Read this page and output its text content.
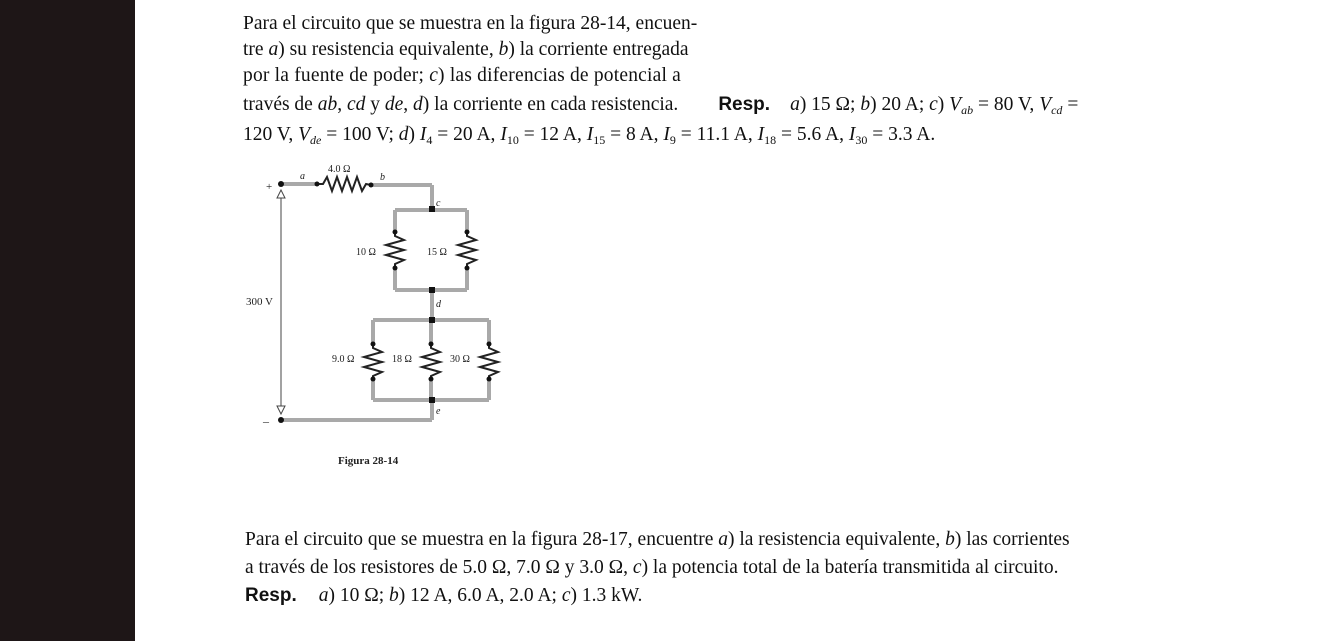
Para el circuito que se muestra en la figura 28-14, encuen-
tre a) su resistencia equivalente, b) la corriente entregada
por la fuente de poder; c) las diferencias de potencial a
través de ab, cd y de, d) la corriente en cada resistencia. Resp. a) 15 Ω; b) 20 A; c) $V_{ab} = 80$ V, $V_{cd}$ =
120 V, $V_{de} = 100$ V; d) $I_4 = 20$ A, $I_{10} = 12$ A, $I_{15} = 8$ A, $I_9 = 11.1$ A, $I_{18} = 5.6$ A, $I_{30} = 3.3$ A.
+
–
a	b
c
d
e
4.0 Ω
10 Ω	15 Ω
9.0 Ω	18 Ω	30 Ω
300 V
Figura 28-14
Para el circuito que se muestra en la figura 28-17, encuentre a) la resistencia equivalente, b) las corrientes
a través de los resistores de 5.0 Ω, 7.0 Ω y 3.0 Ω, c) la potencia total de la batería transmitida al circuito.
Resp. a) 10 Ω; b) 12 A, 6.0 A, 2.0 A; c) 1.3 kW.
